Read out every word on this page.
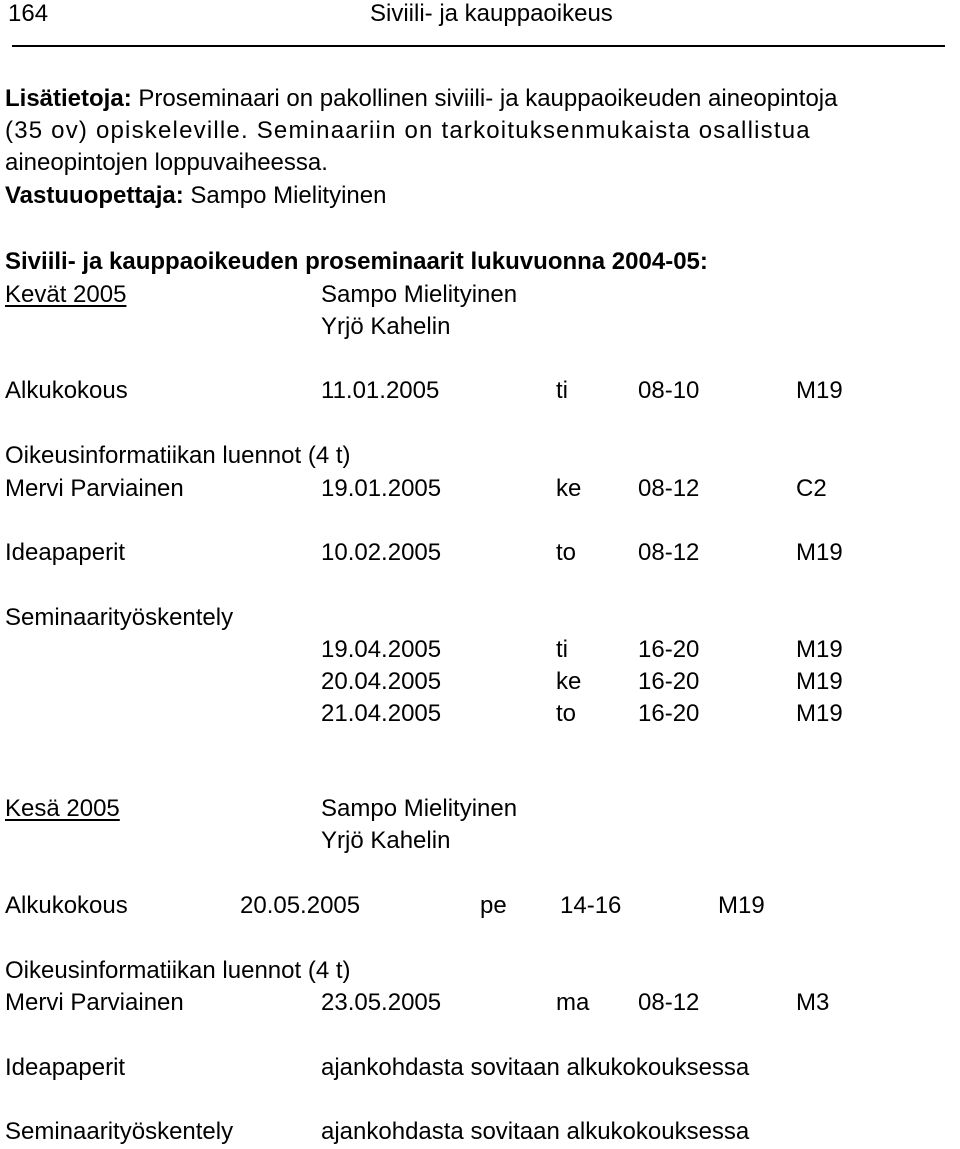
164	Siviili- ja kauppaoikeus
Lisätietoja: Proseminaari on pakollinen siviili- ja kauppaoikeuden aineopintoja
(35 ov) opiskeleville. Seminaariin on tarkoituksenmukaista osallistua
aineopintojen loppuvaiheessa.
Vastuuopettaja: Sampo Mielityinen
Siviili- ja kauppaoikeuden proseminaarit lukuvuonna 2004-05:
Kevät 2005	Sampo Mielityinen
Yrjö Kahelin
Alkukokous	11.01.2005	ti	08-10	M19
Oikeusinformatiikan luennot (4 t)
Mervi Parviainen	19.01.2005	ke 08-12	C2
Ideapaperit	10.02.2005	to	08-12	M19
Seminaarityöskentely
19.04.2005	ti	16-20	M19
20.04.2005	ke 16-20	M19
21.04.2005	to	16-20	M19
Kesä 2005	Sampo Mielityinen
Yrjö Kahelin
Alkukokous	20.05.2005	pe 14-16	M19
Oikeusinformatiikan luennot (4 t)
Mervi Parviainen	23.05.2005	ma 08-12	M3
Ideapaperit	ajankohdasta sovitaan alkukokouksessa
Seminaarityöskentely	ajankohdasta sovitaan alkukokouksessa
